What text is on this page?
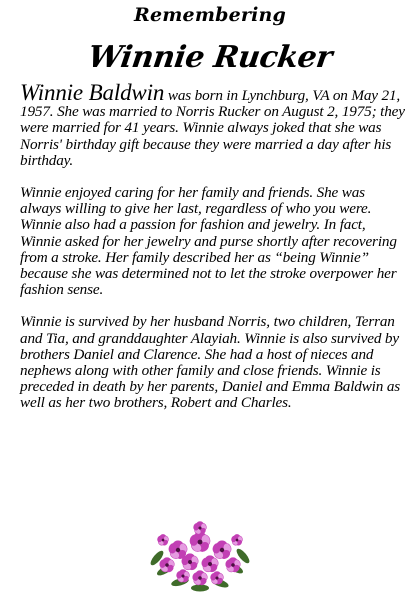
Remembering
Winnie Rucker

Winnie Baldwin was born in Lynchburg, VA on May 21, 1957. She was married to Norris Rucker on August 2, 1975; they were married for 41 years. Winnie always joked that she was Norris' birthday gift because they were married a day after his birthday.

Winnie enjoyed caring for her family and friends. She was always willing to give her last, regardless of who you were. Winnie also had a passion for fashion and jewelry. In fact, Winnie asked for her jewelry and purse shortly after recovering from a stroke. Her family described her as “being Winnie” because she was determined not to let the stroke overpower her fashion sense.

Winnie is survived by her husband Norris, two children, Terran and Tia, and granddaughter Alayiah. Winnie is also survived by brothers Daniel and Clarence. She had a host of nieces and nephews along with other family and close friends. Winnie is preceded in death by her parents, Daniel and Emma Baldwin as well as her two brothers, Robert and Charles.
